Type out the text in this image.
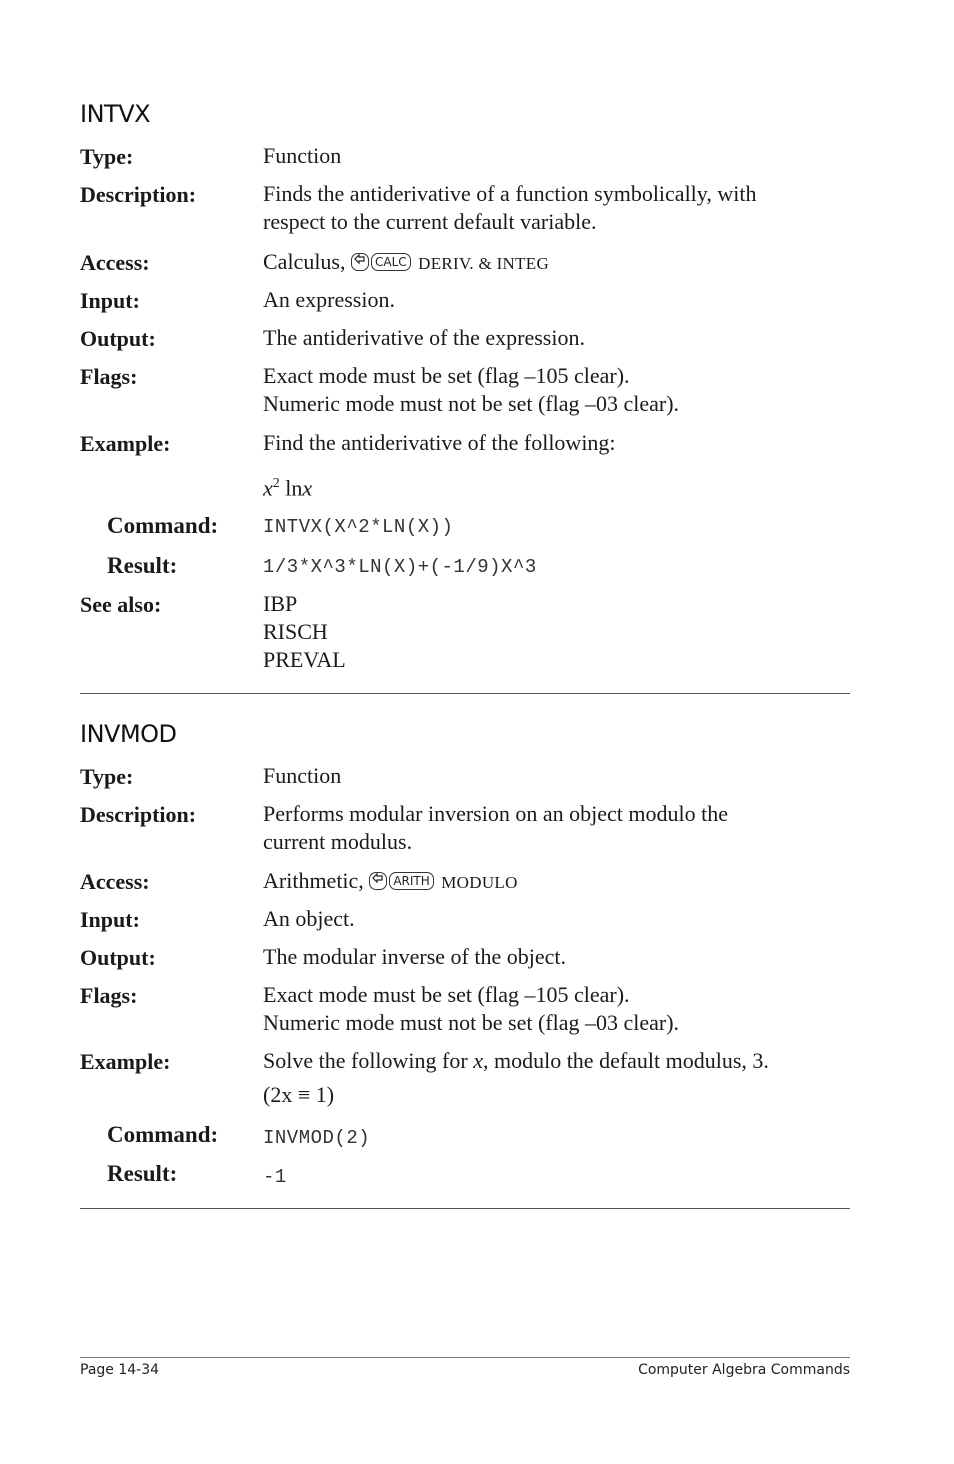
INTVX
Type:	Function
Description:	Finds the antiderivative of a function symbolically, with
respect to the current default variable.
Access:	Calculus, CALC DERIV. & INTEG
Input:	An expression.
Output:	The antiderivative of the expression.
Flags:	Exact mode must be set (flag –105 clear).
Numeric mode must not be set (flag –03 clear).
Example:	Find the antiderivative of the following:
$x^2$ lnx
Command: INTVX(X^2*LN(X))
Result:	1/3*X^3*LN(X)+(-1/9)X^3
See also:	IBP
RISCH
PREVAL
INVMOD
Type:	Function
Description:	Performs modular inversion on an object modulo the
current modulus.
Access:	Arithmetic, ARITH MODULO
Input:	An object.
Output:	The modular inverse of the object.
Flags:	Exact mode must be set (flag –105 clear).
Numeric mode must not be set (flag –03 clear).
Example:	Solve the following for x, modulo the default modulus, 3.
(2x ≡ 1)
Command: INVMOD(2)
Result:	-1
Page 14-34	Computer Algebra Commands
